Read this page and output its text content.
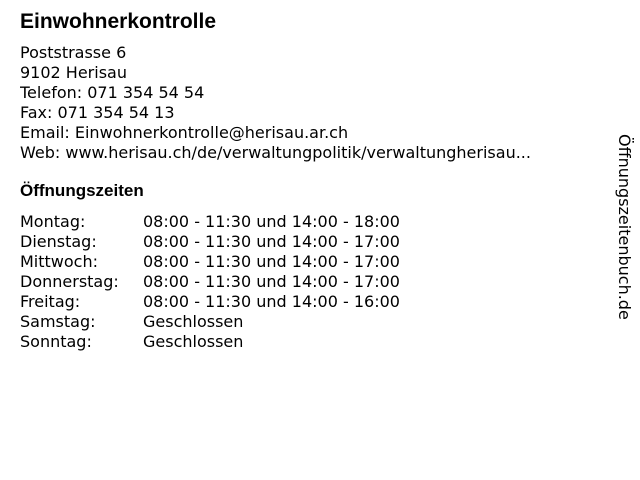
Einwohnerkontrolle
Poststrasse 6
9102 Herisau
Telefon: 071 354 54 54
Fax: 071 354 54 13
Email: Einwohnerkontrolle@herisau.ar.ch
Web: www.herisau.ch/de/verwaltungpolitik/verwaltungherisau...
Öffnungszeiten
Montag:	08:00 - 11:30 und 14:00 - 18:00
Dienstag:	08:00 - 11:30 und 14:00 - 17:00
Mittwoch:	08:00 - 11:30 und 14:00 - 17:00
Donnerstag:	08:00 - 11:30 und 14:00 - 17:00
Freitag:	08:00 - 11:30 und 14:00 - 16:00
Samstag:	Geschlossen
Sonntag:	Geschlossen
Öffnungszeitenbuch.de
